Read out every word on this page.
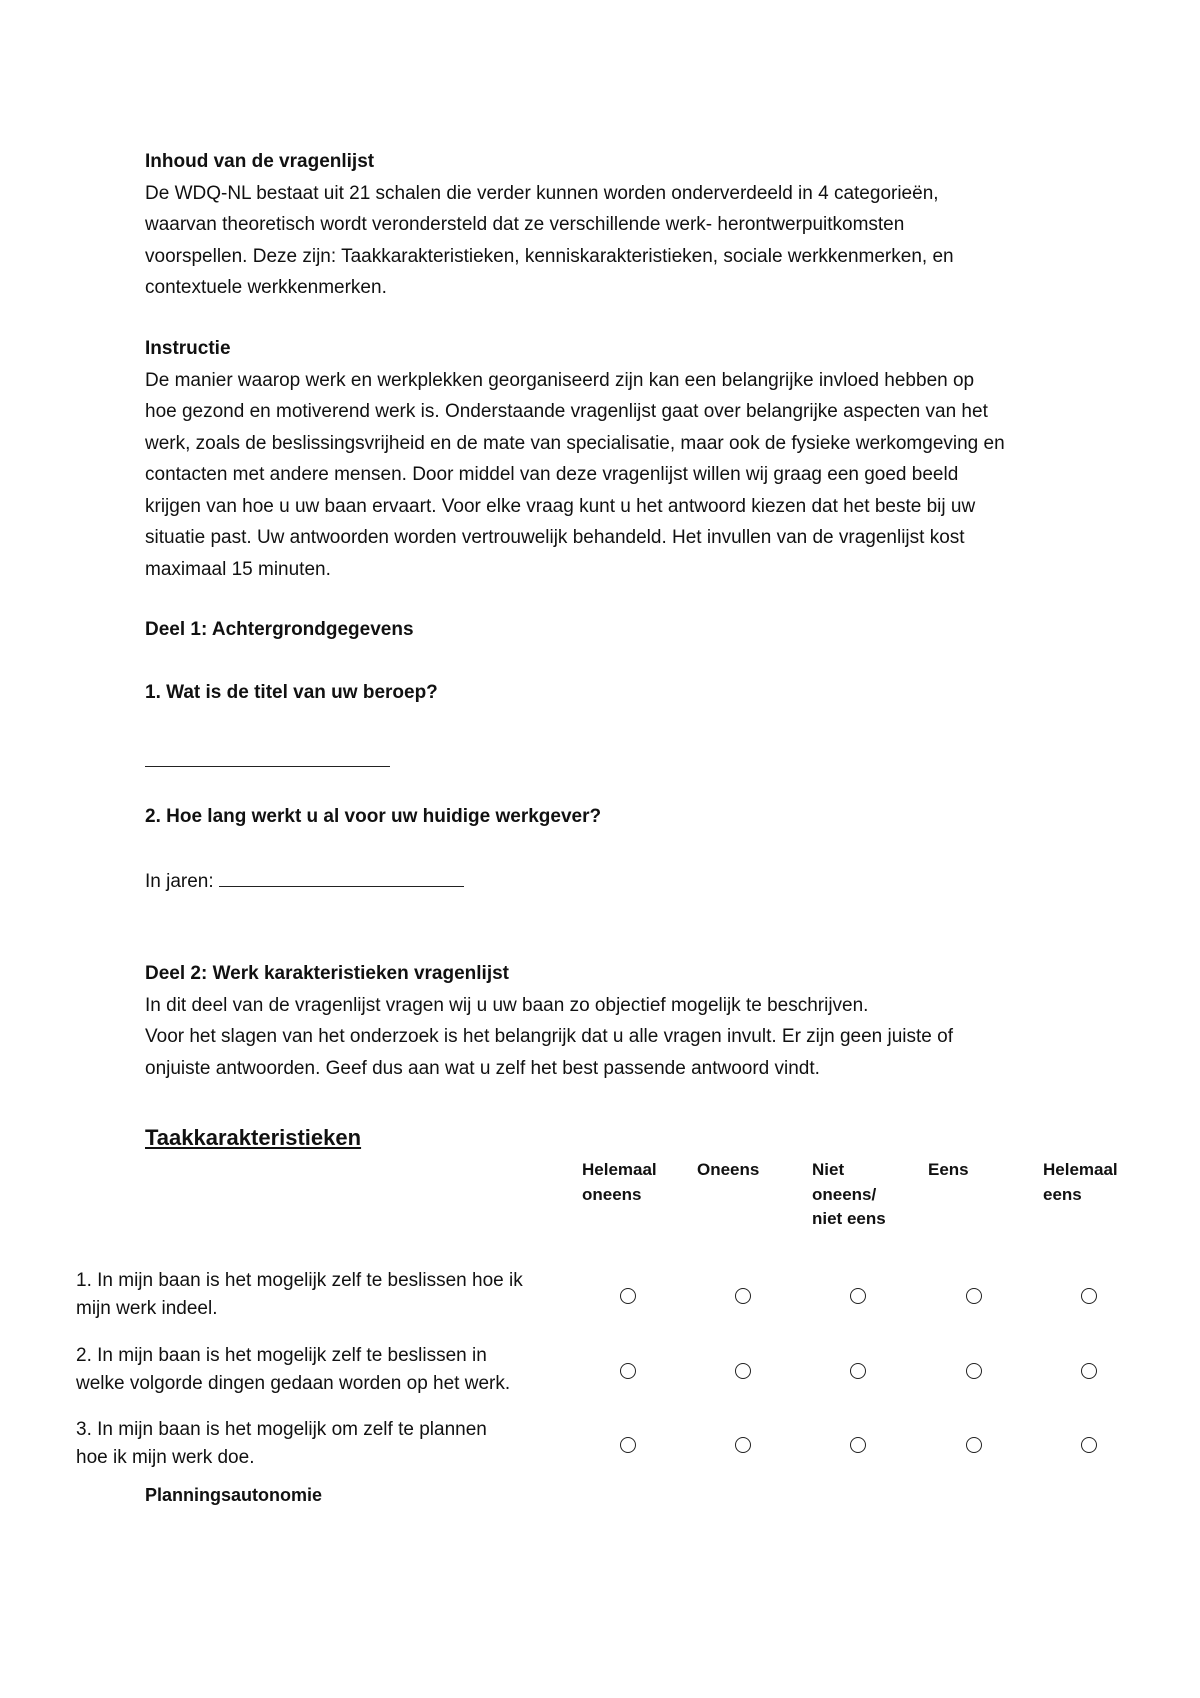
Inhoud van de vragenlijst
De WDQ-NL bestaat uit 21 schalen die verder kunnen worden onderverdeeld in 4 categorieën,
waarvan theoretisch wordt verondersteld dat ze verschillende werk- herontwerpuitkomsten
voorspellen. Deze zijn: Taakkarakteristieken, kenniskarakteristieken, sociale werkkenmerken, en
contextuele werkkenmerken.
Instructie
De manier waarop werk en werkplekken georganiseerd zijn kan een belangrijke invloed hebben op
hoe gezond en motiverend werk is. Onderstaande vragenlijst gaat over belangrijke aspecten van het
werk, zoals de beslissingsvrijheid en de mate van specialisatie, maar ook de fysieke werkomgeving en
contacten met andere mensen. Door middel van deze vragenlijst willen wij graag een goed beeld
krijgen van hoe u uw baan ervaart. Voor elke vraag kunt u het antwoord kiezen dat het beste bij uw
situatie past. Uw antwoorden worden vertrouwelijk behandeld. Het invullen van de vragenlijst kost
maximaal 15 minuten.
Deel 1: Achtergrondgegevens
1. Wat is de titel van uw beroep?
2. Hoe lang werkt u al voor uw huidige werkgever?
In jaren:
Deel 2: Werk karakteristieken vragenlijst
In dit deel van de vragenlijst vragen wij u uw baan zo objectief mogelijk te beschrijven.
Voor het slagen van het onderzoek is het belangrijk dat u alle vragen invult. Er zijn geen juiste of
onjuiste antwoorden. Geef dus aan wat u zelf het best passende antwoord vindt.
Taakkarakteristieken
Helemaal
oneens
Oneens	Niet
oneens/
niet eens
Eens	Helemaal
eens
1. In mijn baan is het mogelijk zelf te beslissen hoe ik
mijn werk indeel.
2. In mijn baan is het mogelijk zelf te beslissen in
welke volgorde dingen gedaan worden op het werk.
3. In mijn baan is het mogelijk om zelf te plannen
hoe ik mijn werk doe.
Planningsautonomie
